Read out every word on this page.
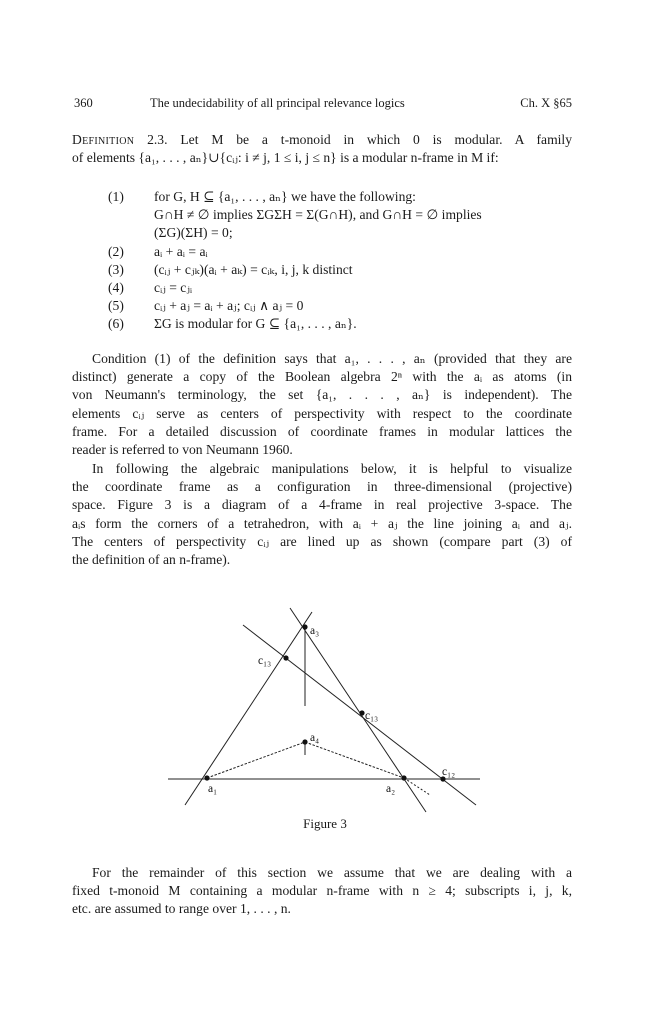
360	The undecidability of all principal relevance logics	Ch. X §65
Definition 2.3. Let M be a t-monoid in which 0 is modular. A family
of elements {a₁, . . . , aₙ}∪{cᵢⱼ: i ≠ j, 1 ≤ i, j ≤ n} is a modular n-frame in M if:
(1) for G, H ⊆ {a₁, . . . , aₙ} we have the following:
G∩H ≠ ∅ implies ΣGΣH = Σ(G∩H), and G∩H = ∅ implies
(ΣG)(ΣH) = 0;
(2) aᵢ + aᵢ = aᵢ
(3) (cᵢⱼ + cⱼₖ)(aᵢ + aₖ) = cᵢₖ, i, j, k distinct
(4) cᵢⱼ = cⱼᵢ
(5) cᵢⱼ + aⱼ = aᵢ + aⱼ; cᵢⱼ ∧ aⱼ = 0
(6) ΣG is modular for G ⊆ {a₁, . . . , aₙ}.
Condition (1) of the definition says that a₁, . . . , aₙ (provided that they are
distinct) generate a copy of the Boolean algebra 2ⁿ with the aᵢ as atoms (in
von Neumann's terminology, the set {a₁, . . . , aₙ} is independent). The
elements cᵢⱼ serve as centers of perspectivity with respect to the coordinate
frame. For a detailed discussion of coordinate frames in modular lattices the
reader is referred to von Neumann 1960.
In following the algebraic manipulations below, it is helpful to visualize
the coordinate frame as a configuration in three-dimensional (projective)
space. Figure 3 is a diagram of a 4-frame in real projective 3-space. The
aᵢs form the corners of a tetrahedron, with aᵢ + aⱼ the line joining aᵢ and aⱼ.
The centers of perspectivity cᵢⱼ are lined up as shown (compare part (3) of
the definition of an n-frame).
a₃
c₁₃
c₁₃
a₄
c₁₂
a₁	a₂
Figure 3
For the remainder of this section we assume that we are dealing with a
fixed t-monoid M containing a modular n-frame with n ≥ 4; subscripts i, j, k,
etc. are assumed to range over 1, . . . , n.
